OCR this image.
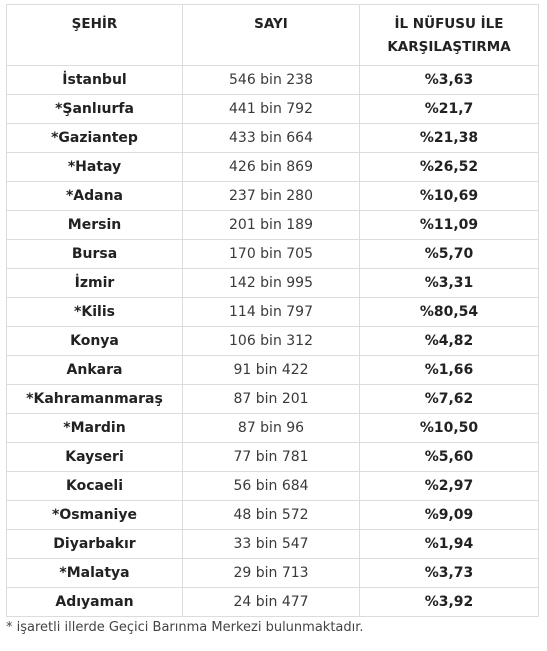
ŞEHİR	SAYI	İL NÜFUSU İLE
KARŞILAŞTIRMA
İstanbul	546 bin 238	%3,63
*Şanlıurfa	441 bin 792	%21,7
*Gaziantep	433 bin 664	%21,38
*Hatay	426 bin 869	%26,52
*Adana	237 bin 280	%10,69
Mersin	201 bin 189	%11,09
Bursa	170 bin 705	%5,70
İzmir	142 bin 995	%3,31
*Kilis	114 bin 797	%80,54
Konya	106 bin 312	%4,82
Ankara	91 bin 422	%1,66
*Kahramanmaraş	87 bin 201	%7,62
*Mardin	87 bin 96	%10,50
Kayseri	77 bin 781	%5,60
Kocaeli	56 bin 684	%2,97
*Osmaniye	48 bin 572	%9,09
Diyarbakır	33 bin 547	%1,94
*Malatya	29 bin 713	%3,73
Adıyaman	24 bin 477	%3,92
* işaretli illerde Geçici Barınma Merkezi bulunmaktadır.
